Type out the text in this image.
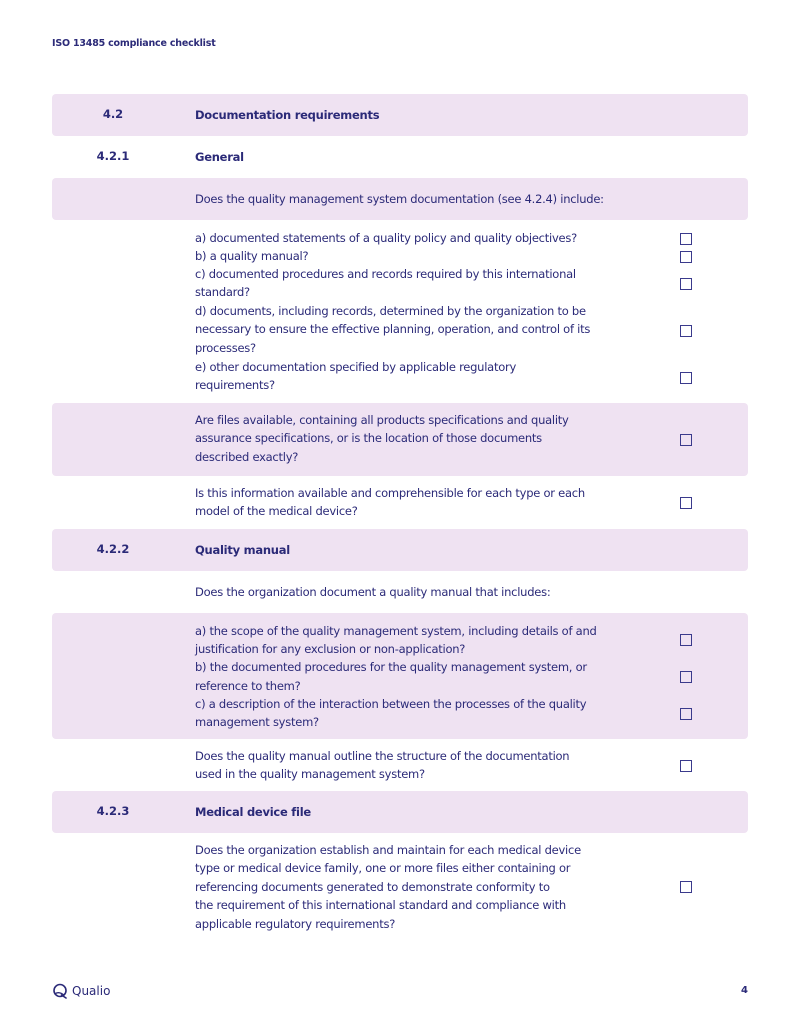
ISO 13485 compliance checklist
4.2	Documentation requirements
4.2.1	General
Does the quality management system documentation (see 4.2.4) include:
a) documented statements of a quality policy and quality objectives?
b) a quality manual?
c) documented procedures and records required by this international
standard?
d) documents, including records, determined by the organization to be
necessary to ensure the effective planning, operation, and control of its
processes?
e) other documentation specified by applicable regulatory
requirements?
Are files available, containing all products specifications and quality
assurance specifications, or is the location of those documents
described exactly?
Is this information available and comprehensible for each type or each
model of the medical device?
4.2.2	Quality manual
Does the organization document a quality manual that includes:
a) the scope of the quality management system, including details of and
justification for any exclusion or non-application?
b) the documented procedures for the quality management system, or
reference to them?
c) a description of the interaction between the processes of the quality
management system?
Does the quality manual outline the structure of the documentation
used in the quality management system?
4.2.3	Medical device file
Does the organization establish and maintain for each medical device
type or medical device family, one or more files either containing or
referencing documents generated to demonstrate conformity to
the requirement of this international standard and compliance with
applicable regulatory requirements?
Qualio	4
